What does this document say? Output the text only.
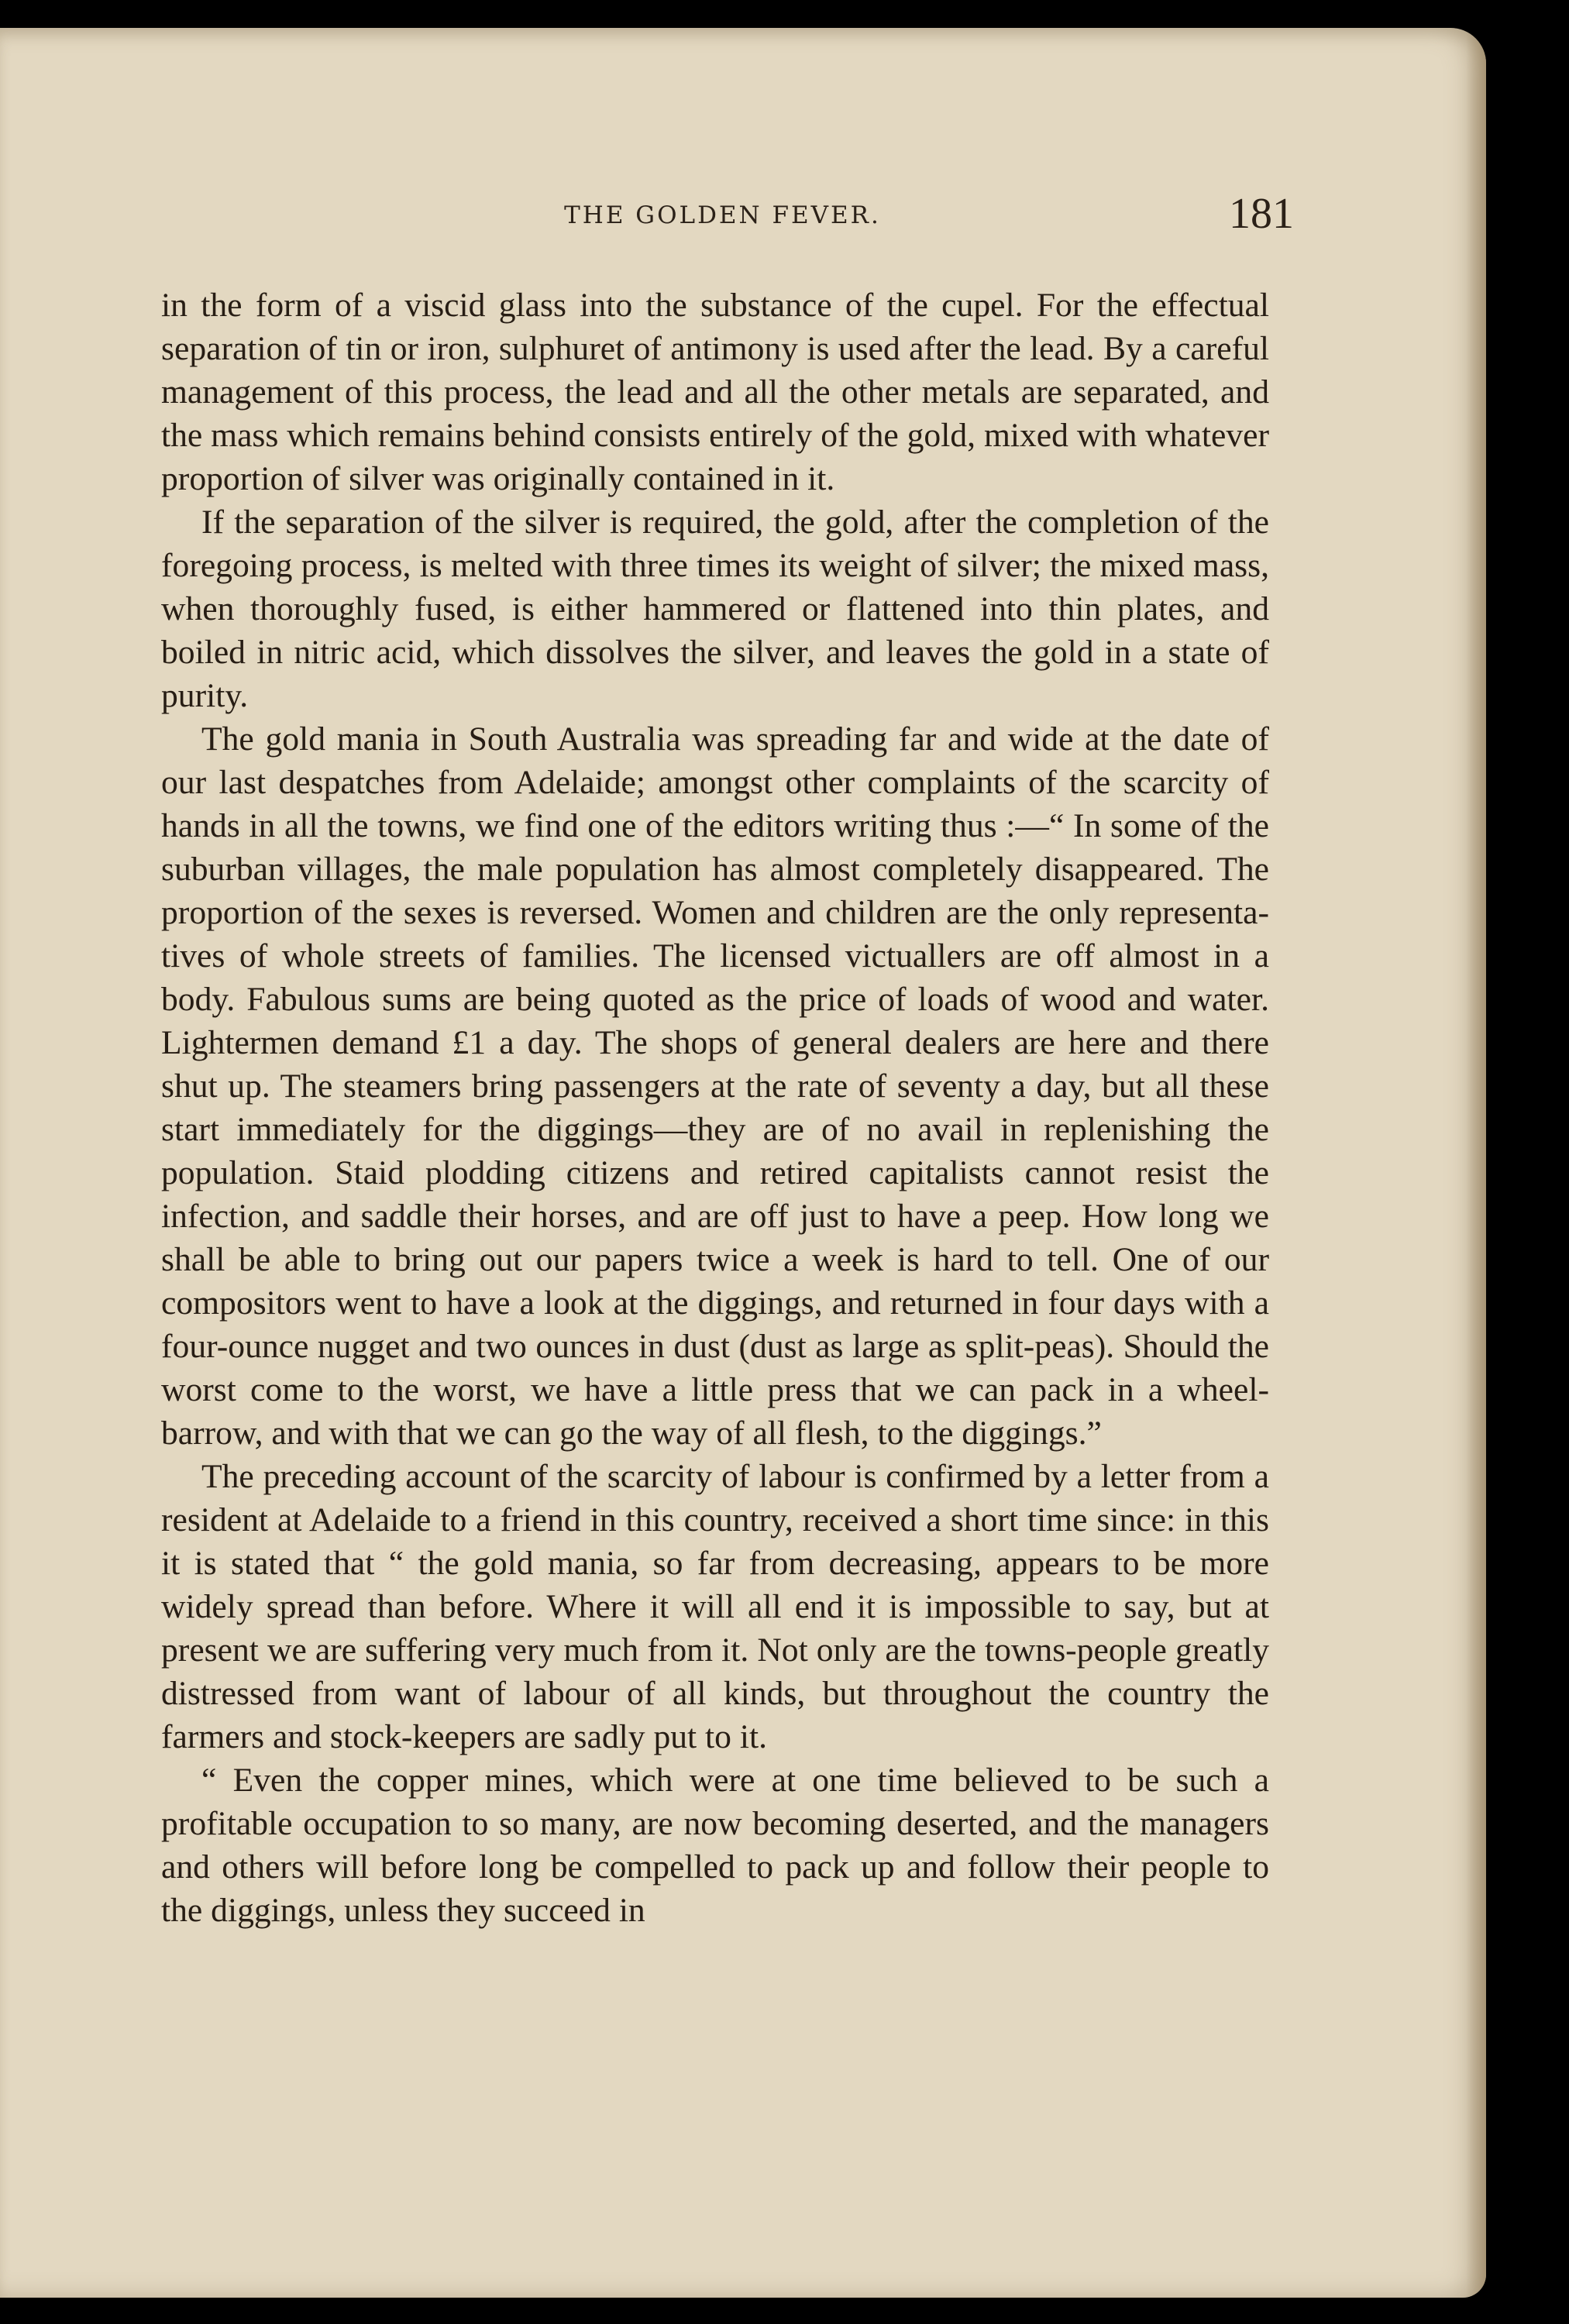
THE GOLDEN FEVER.	181

in the form of a viscid glass into the substance of the cupel. For the effectual separation of tin or iron, sulphuret of antimony is used after the lead. By a careful management of this process, the lead and all the other metals are separated, and the mass which remains behind consists entirely of the gold, mixed with whatever proportion of silver was originally contained in it.

If the separation of the silver is required, the gold, after the completion of the foregoing process, is melted with three times its weight of silver; the mixed mass, when thoroughly fused, is either hammered or flattened into thin plates, and boiled in nitric acid, which dissolves the silver, and leaves the gold in a state of purity.

The gold mania in South Australia was spreading far and wide at the date of our last despatches from Adelaide; amongst other complaints of the scarcity of hands in all the towns, we find one of the editors writing thus :—“ In some of the suburban villages, the male population has almost completely disappeared. The proportion of the sexes is reversed. Women and children are the only representatives of whole streets of families. The licensed victuallers are off almost in a body. Fabulous sums are being quoted as the price of loads of wood and water. Lightermen demand £1 a day. The shops of general dealers are here and there shut up. The steamers bring passengers at the rate of seventy a day, but all these start immediately for the diggings—they are of no avail in replenishing the population. Staid plodding citizens and retired capitalists cannot resist the infection, and saddle their horses, and are off just to have a peep. How long we shall be able to bring out our papers twice a week is hard to tell. One of our compositors went to have a look at the diggings, and returned in four days with a four-ounce nugget and two ounces in dust (dust as large as split-peas). Should the worst come to the worst, we have a little press that we can pack in a wheelbarrow, and with that we can go the way of all flesh, to the diggings.”

The preceding account of the scarcity of labour is confirmed by a letter from a resident at Adelaide to a friend in this country, received a short time since: in this it is stated that “ the gold mania, so far from decreasing, appears to be more widely spread than before. Where it will all end it is impossible to say, but at present we are suffering very much from it. Not only are the towns-people greatly distressed from want of labour of all kinds, but throughout the country the farmers and stock-keepers are sadly put to it.

“ Even the copper mines, which were at one time believed to be such a profitable occupation to so many, are now becoming deserted, and the managers and others will before long be compelled to pack up and follow their people to the diggings, unless they succeed in
